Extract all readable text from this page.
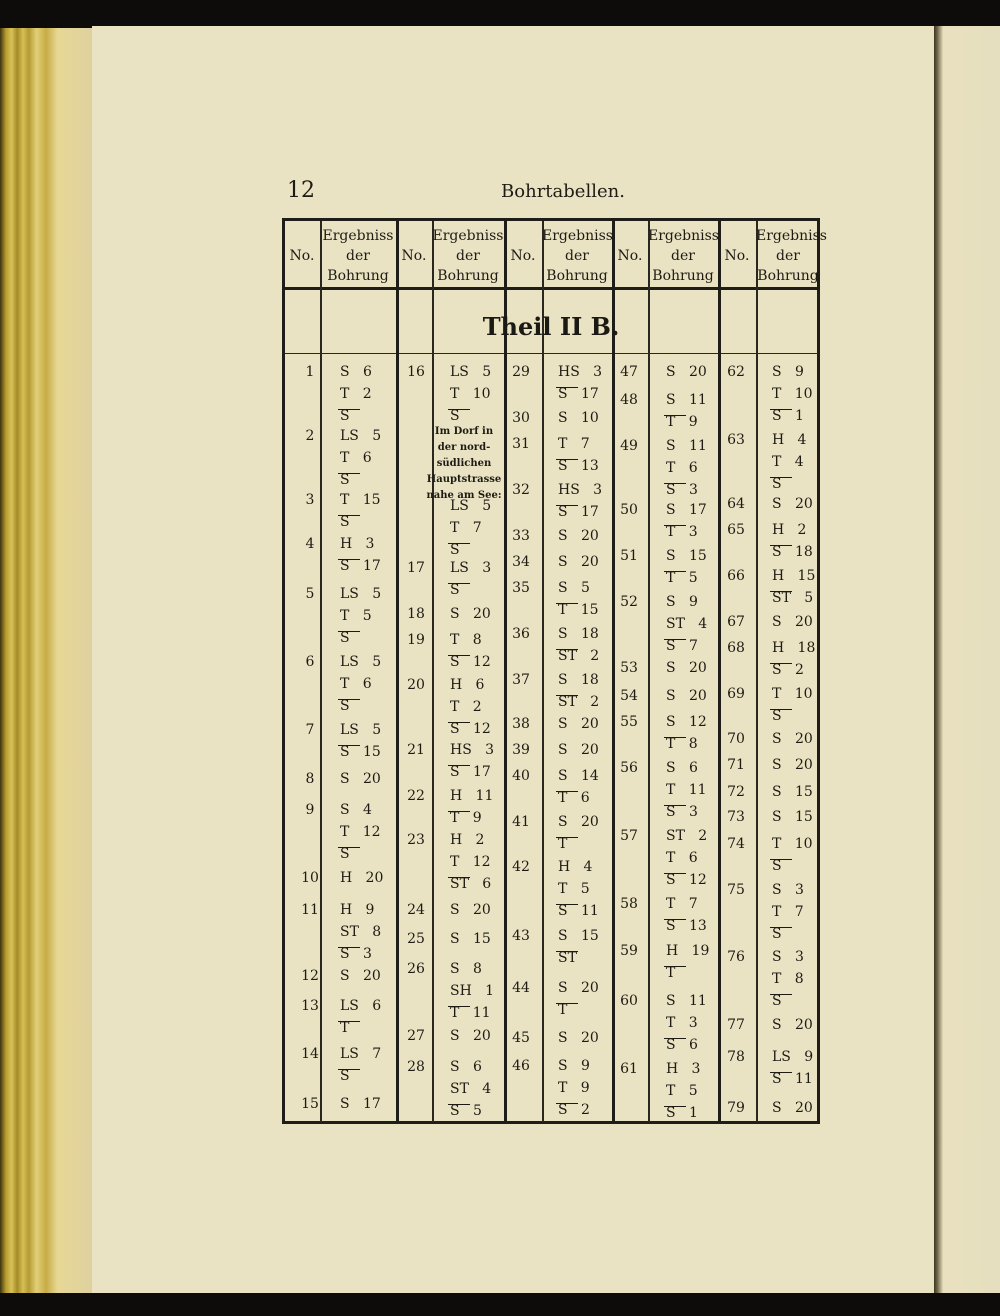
12	Bohrtabellen.
No.
Ergebniss
der
Bohrung
No.
Ergebniss
der
Bohrung
No.
Ergebniss
der
Bohrung
No.
Ergebniss
der
Bohrung
No.
Ergebniss
der
Bohrung
Theil II B.
Im Dorf in
der nord-
südlichen
Hauptstrasse
nahe am See:
1	S   6
T   2
S
2	LS   5
T   6
S
3	T   15
S
4	H   3
S   17
5	LS   5
T   5
S
6	LS   5
T   6
S
7	LS   5
S   15
8	S   20
9	S   4
T   12
S
10 H   20
11 H   9
ST   8
S   3
12 S   20
13 LS   6
T
14 LS   7
S
15 S   17
16 LS   5
T   10
S
LS   5
T   7
S
17 LS   3
S
18 S   20
19 T   8
S   12
20 H   6
T   2
S   12
21 HS   3
S   17
22 H   11
T   9
23 H   2
T   12
ST   6
24 S   20
25 S   15
26 S   8
SH   1
T   11
27 S   20
28 S   6
ST   4
S   5
29 HS   3
S   17
30 S   10
31 T   7
S   13
32 HS   3
S   17
33 S   20
34 S   20
35 S   5
T   15
36 S   18
ST   2
37 S   18
ST   2
38 S   20
39 S   20
40 S   14
T   6
41 S   20
T
42 H   4
T   5
S   11
43 S   15
ST
44 S   20
T
45 S   20
46 S   9
T   9
S   2
47 S   20
48 S   11
T   9
49 S   11
T   6
S   3
50 S   17
T   3
51 S   15
T   5
52 S   9
ST   4
S   7
53 S   20
54 S   20
55 S   12
T   8
56 S   6
T   11
S   3
57 ST   2
T   6
S   12
58 T   7
S   13
59 H   19
T
60 S   11
T   3
S   6
61 H   3
T   5
S   1
62 S   9
T   10
S   1
63 H   4
T   4
S
64 S   20
65 H   2
S   18
66 H   15
ST   5
67 S   20
68 H   18
S   2
69 T   10
S
70 S   20
71 S   20
72 S   15
73 S   15
74 T   10
S
75 S   3
T   7
S
76 S   3
T   8
S
77 S   20
78 LS   9
S   11
79 S   20
